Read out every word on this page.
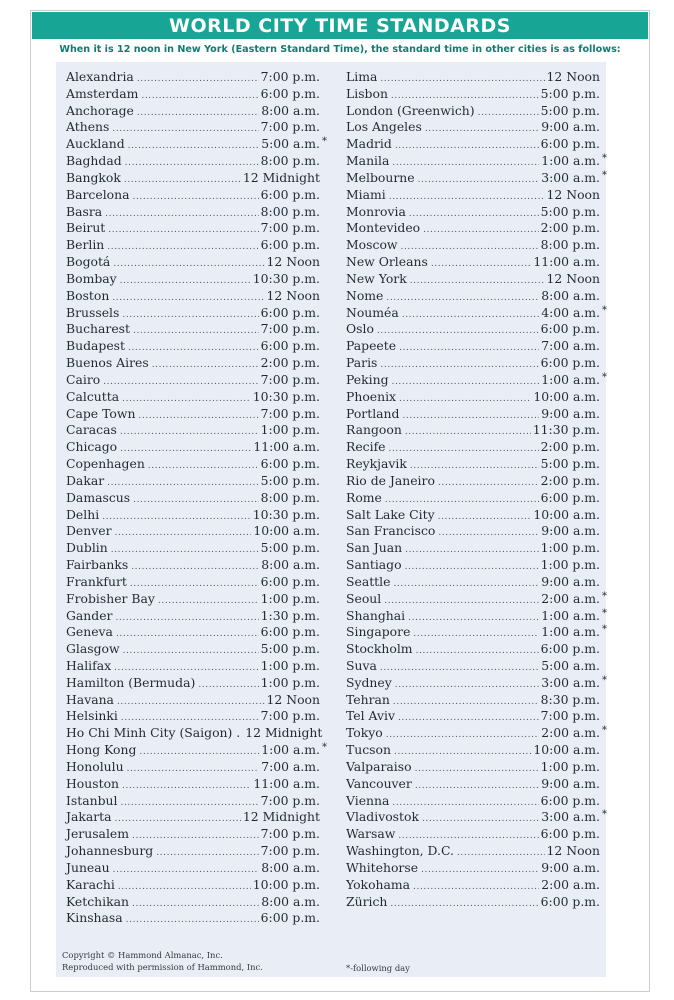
WORLD CITY TIME STANDARDS
When it is 12 noon in New York (Eastern Standard Time), the standard time in other cities is as follows:
Alexandria .....	7:00 p.m.
Amsterdam .....	6:00 p.m.
Anchorage .....	8:00 a.m.
Athens .....	7:00 p.m.
Auckland .....	5:00 a.m. *
Baghdad .....	8:00 p.m.
Bangkok .....	12 Midnight
Barcelona .....	6:00 p.m.
Basra .....	8:00 p.m.
Beirut .....	7:00 p.m.
Berlin .....	6:00 p.m.
Bogotá .....	12 Noon
Bombay .....	10:30 p.m.
Boston .....	12 Noon
Brussels .....	6:00 p.m.
Bucharest .....	7:00 p.m.
Budapest .....	6:00 p.m.
Buenos Aires .....	2:00 p.m.
Cairo .....	7:00 p.m.
Calcutta .....	10:30 p.m.
Cape Town .....	7:00 p.m.
Caracas .....	1:00 p.m.
Chicago .....	11:00 a.m.
Copenhagen .....	6:00 p.m.
Dakar .....	5:00 p.m.
Damascus .....	8:00 p.m.
Delhi .....	10:30 p.m.
Denver .....	10:00 a.m.
Dublin .....	5:00 p.m.
Fairbanks .....	8:00 a.m.
Frankfurt .....	6:00 p.m.
Frobisher Bay .....	1:00 p.m.
Gander .....	1:30 p.m.
Geneva .....	6:00 p.m.
Glasgow .....	5:00 p.m.
Halifax .....	1:00 p.m.
Hamilton (Bermuda) .....	1:00 p.m.
Havana .....	12 Noon
Helsinki .....	7:00 p.m.
Ho Chi Minh City (Saigon) . 12 Midnight
Hong Kong .....	1:00 a.m. *
Honolulu .....	7:00 a.m.
Houston .....	11:00 a.m.
Istanbul .....	7:00 p.m.
Jakarta .....	12 Midnight
Jerusalem .....	7:00 p.m.
Johannesburg .....	7:00 p.m.
Juneau .....	8:00 a.m.
Karachi .....	10:00 p.m.
Ketchikan .....	8:00 a.m.
Kinshasa .....	6:00 p.m.
Lima .....	12 Noon
Lisbon .....	5:00 p.m.
London (Greenwich) .....	5:00 p.m.
Los Angeles .....	9:00 a.m.
Madrid .....	6:00 p.m.
Manila .....	1:00 a.m. *
Melbourne .....	3:00 a.m. *
Miami .....	12 Noon
Monrovia .....	5:00 p.m.
Montevideo .....	2:00 p.m.
Moscow .....	8:00 p.m.
New Orleans .....	11:00 a.m.
New York .....	12 Noon
Nome .....	8:00 a.m.
Nouméa .....	4:00 a.m. *
Oslo .....	6:00 p.m.
Papeete .....	7:00 a.m.
Paris .....	6:00 p.m.
Peking .....	1:00 a.m. *
Phoenix .....	10:00 a.m.
Portland .....	9:00 a.m.
Rangoon .....	11:30 p.m.
Recife .....	2:00 p.m.
Reykjavik .....	5:00 p.m.
Rio de Janeiro .....	2:00 p.m.
Rome .....	6:00 p.m.
Salt Lake City .....	10:00 a.m.
San Francisco .....	9:00 a.m.
San Juan .....	1:00 p.m.
Santiago .....	1:00 p.m.
Seattle .....	9:00 a.m.
Seoul .....	2:00 a.m. *
Shanghai .....	1:00 a.m. *
Singapore .....	1:00 a.m. *
Stockholm .....	6:00 p.m.
Suva .....	5:00 a.m.
Sydney .....	3:00 a.m. *
Tehran .....	8:30 p.m.
Tel Aviv .....	7:00 p.m.
Tokyo .....	2:00 a.m. *
Tucson .....	10:00 a.m.
Valparaiso .....	1:00 p.m.
Vancouver .....	9:00 a.m.
Vienna .....	6:00 p.m.
Vladivostok .....	3:00 a.m. *
Warsaw .....	6:00 p.m.
Washington, D.C. .....	12 Noon
Whitehorse .....	9:00 a.m.
Yokohama .....	2:00 a.m.
Zürich .....	6:00 p.m.
Copyright © Hammond Almanac, Inc.
Reproduced with permission of Hammond, Inc.	*-following day
